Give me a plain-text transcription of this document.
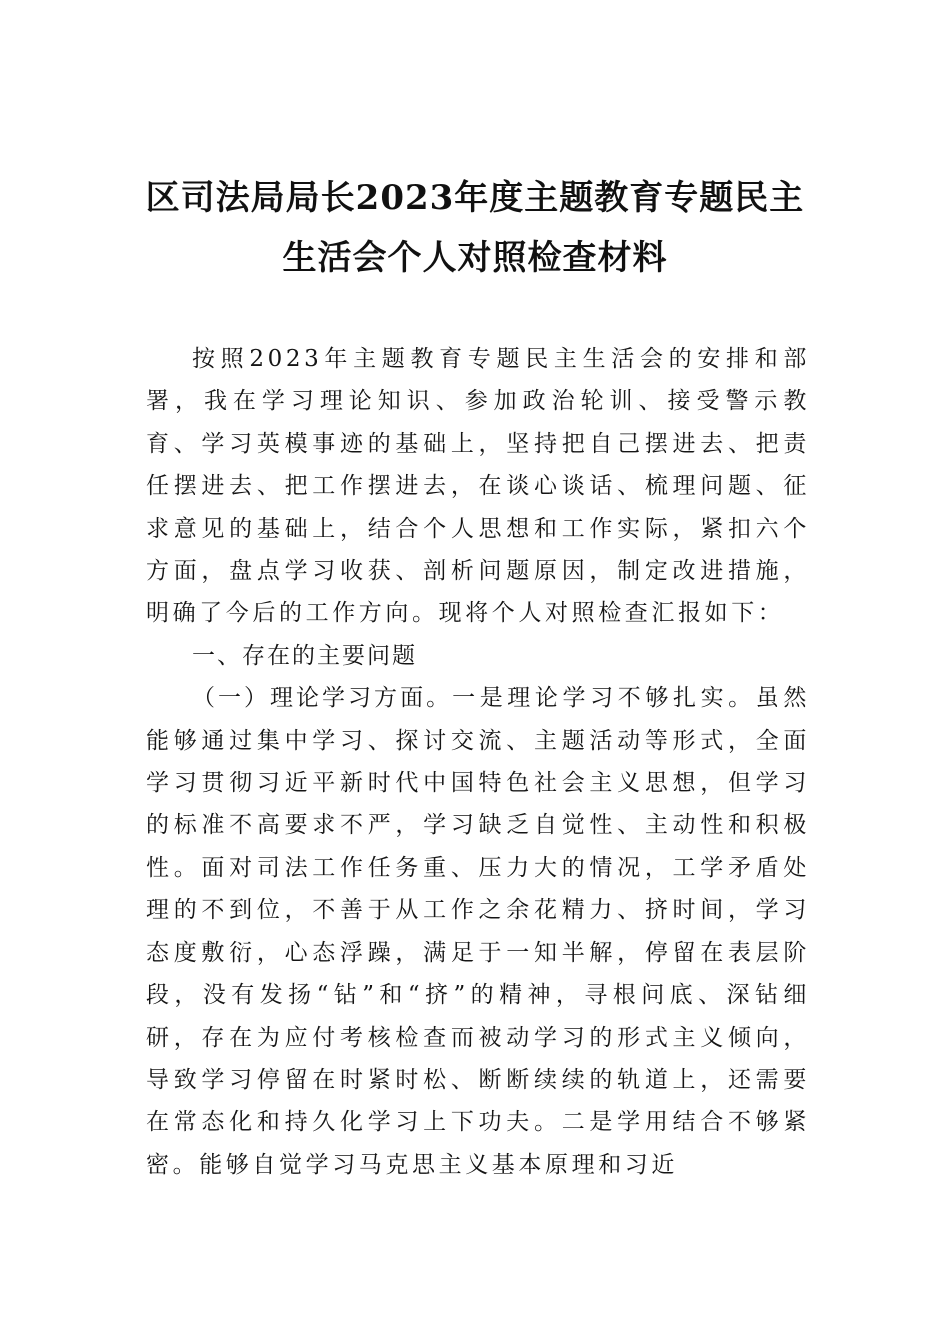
区司法局局长2023年度主题教育专题民主
生活会个人对照检查材料

按照2023年主题教育专题民主生活会的安排和部署，我在学习理论知识、参加政治轮训、接受警示教育、学习英模事迹的基础上，坚持把自己摆进去、把责任摆进去、把工作摆进去，在谈心谈话、梳理问题、征求意见的基础上，结合个人思想和工作实际，紧扣六个方面，盘点学习收获、剖析问题原因，制定改进措施，明确了今后的工作方向。现将个人对照检查汇报如下：

一、存在的主要问题

（一）理论学习方面。一是理论学习不够扎实。虽然能够通过集中学习、探讨交流、主题活动等形式，全面学习贯彻习近平新时代中国特色社会主义思想，但学习的标准不高要求不严，学习缺乏自觉性、主动性和积极性。面对司法工作任务重、压力大的情况，工学矛盾处理的不到位，不善于从工作之余花精力、挤时间，学习态度敷衍，心态浮躁，满足于一知半解，停留在表层阶段，没有发扬“钻”和“挤”的精神，寻根问底、深钻细研，存在为应付考核检查而被动学习的形式主义倾向，导致学习停留在时紧时松、断断续续的轨道上，还需要在常态化和持久化学习上下功夫。二是学用结合不够紧密。能够自觉学习马克思主义基本原理和习近
